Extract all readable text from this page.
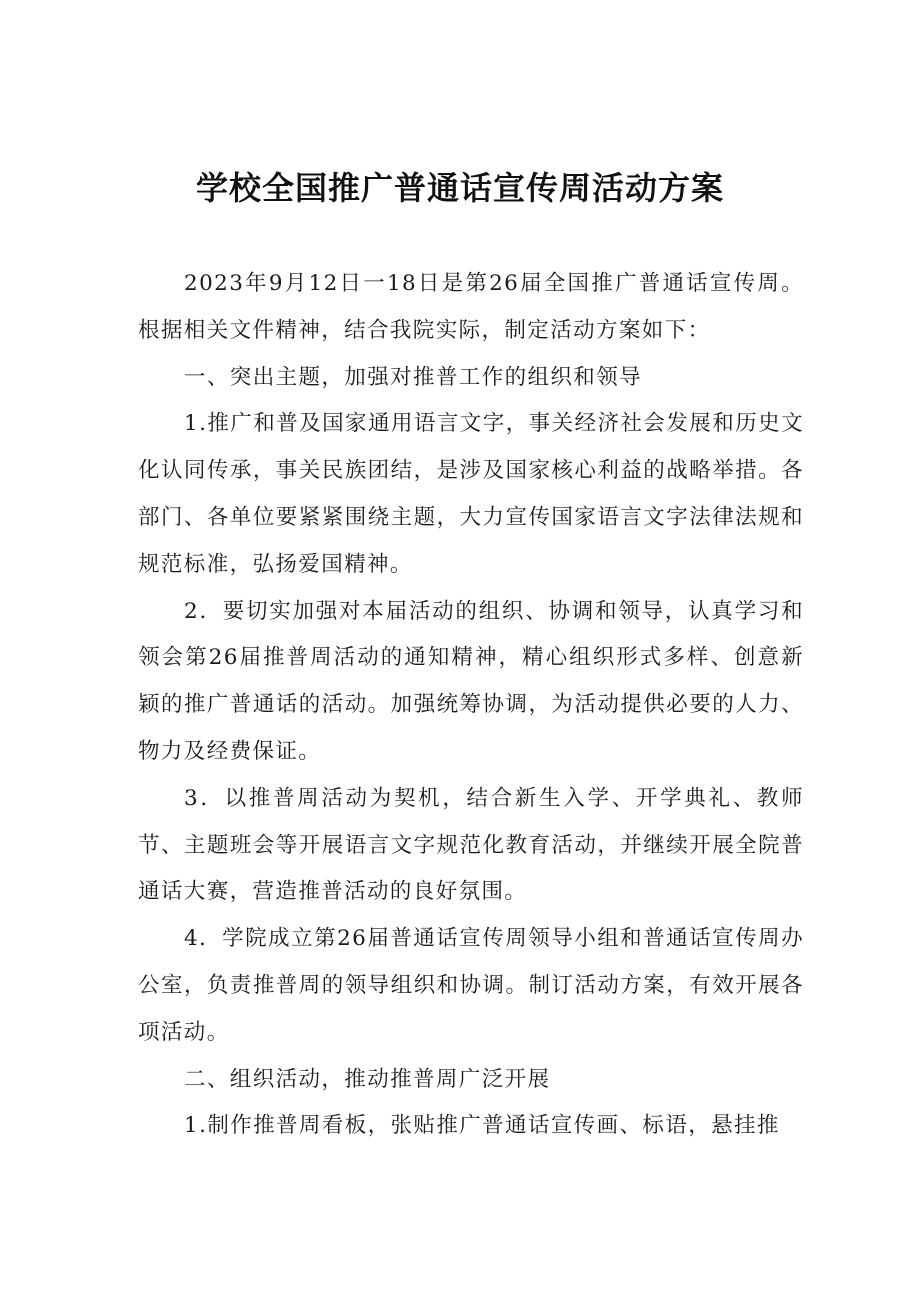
学校全国推广普通话宣传周活动方案

2023年9月12日一18日是第26届全国推广普通话宣传周。根据相关文件精神，结合我院实际，制定活动方案如下：

一、突出主题，加强对推普工作的组织和领导

1.推广和普及国家通用语言文字，事关经济社会发展和历史文化认同传承，事关民族团结，是涉及国家核心利益的战略举措。各部门、各单位要紧紧围绕主题，大力宣传国家语言文字法律法规和规范标准，弘扬爱国精神。

2．要切实加强对本届活动的组织、协调和领导，认真学习和领会第26届推普周活动的通知精神，精心组织形式多样、创意新颖的推广普通话的活动。加强统筹协调，为活动提供必要的人力、物力及经费保证。

3．以推普周活动为契机，结合新生入学、开学典礼、教师节、主题班会等开展语言文字规范化教育活动，并继续开展全院普通话大赛，营造推普活动的良好氛围。

4．学院成立第26届普通话宣传周领导小组和普通话宣传周办公室，负责推普周的领导组织和协调。制订活动方案，有效开展各项活动。

二、组织活动，推动推普周广泛开展

1.制作推普周看板，张贴推广普通话宣传画、标语，悬挂推
